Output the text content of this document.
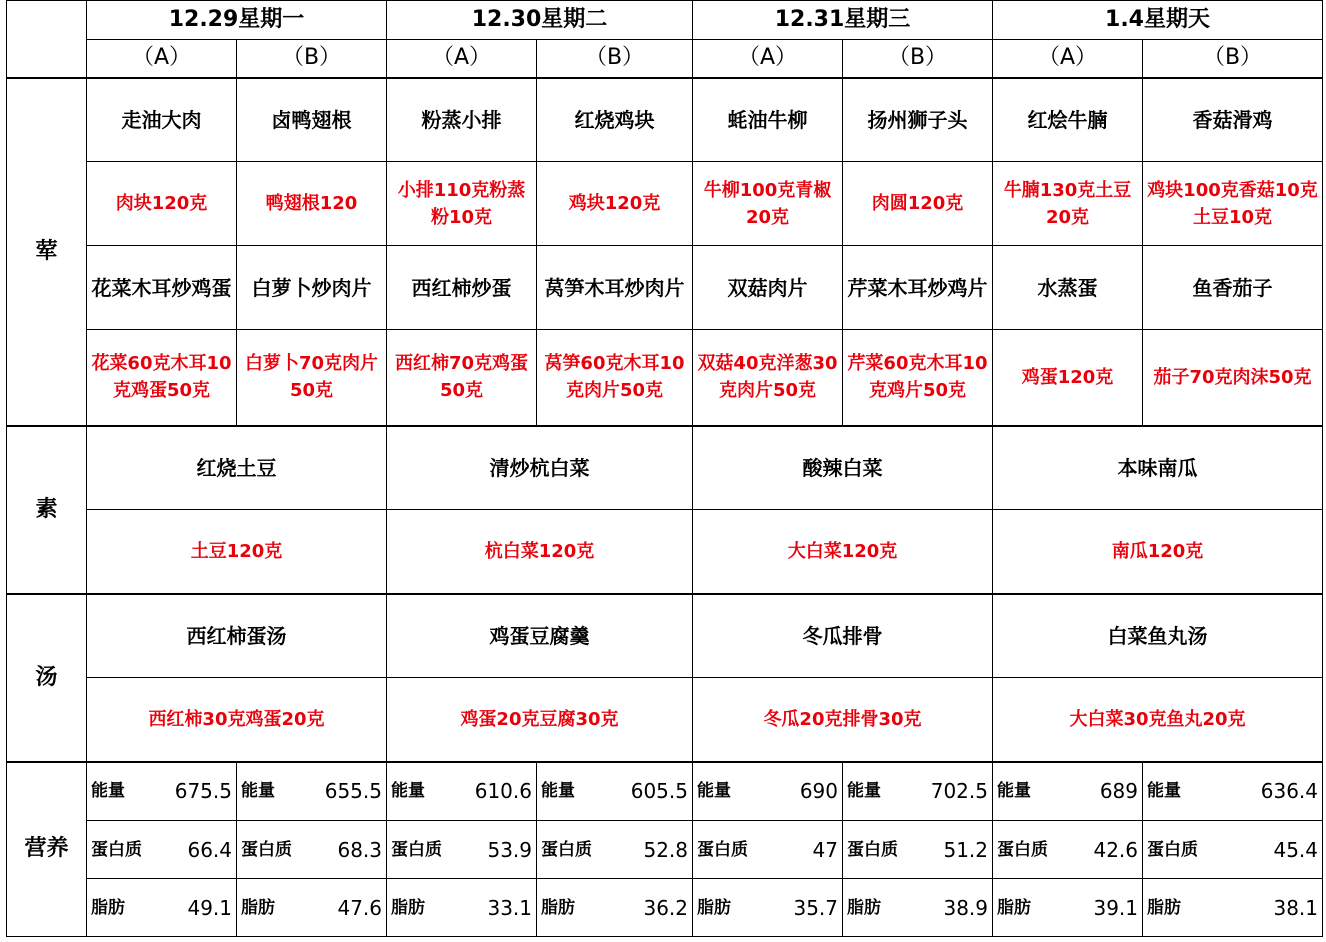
	12.29星期一		12.30星期二		12.31星期三		1.4星期天	
	（A）	（B）	（A）	（B）	（A）	（B）	（A）	（B）
荤	走油大肉	卤鸭翅根	粉蒸小排	红烧鸡块	蚝油牛柳	扬州狮子头	红烩牛腩	香菇滑鸡
	肉块120克	鸭翅根120	小排110克粉蒸粉10克	鸡块120克	牛柳100克青椒20克	肉圆120克	牛腩130克土豆20克	鸡块100克香菇10克土豆10克
	花菜木耳炒鸡蛋	白萝卜炒肉片	西红柿炒蛋	莴笋木耳炒肉片	双菇肉片	芹菜木耳炒鸡片	水蒸蛋	鱼香茄子
	花菜60克木耳10克鸡蛋50克	白萝卜70克肉片50克	西红柿70克鸡蛋50克	莴笋60克木耳10克肉片50克	双菇40克洋葱30克肉片50克	芹菜60克木耳10克鸡片50克	鸡蛋120克	茄子70克肉沫50克
素	红烧土豆		清炒杭白菜		酸辣白菜		本味南瓜	
	土豆120克		杭白菜120克		大白菜120克		南瓜120克	
汤	西红柿蛋汤		鸡蛋豆腐羹		冬瓜排骨		白菜鱼丸汤	
	西红柿30克鸡蛋20克		鸡蛋20克豆腐30克		冬瓜20克排骨30克		大白菜30克鱼丸20克	
营养	能量 675.5	能量 655.5	能量 610.6	能量 605.5	能量 690	能量 702.5	能量 689	能量 636.4

	蛋白质 66.4	蛋白质 68.3	蛋白质 53.9	蛋白质 52.8	蛋白质 47	蛋白质 51.2	蛋白质 42.6	蛋白质 45.4

	脂肪 49.1	脂肪 47.6	脂肪 33.1	脂肪 36.2	脂肪 35.7	脂肪 38.9	脂肪 39.1	脂肪 38.1
